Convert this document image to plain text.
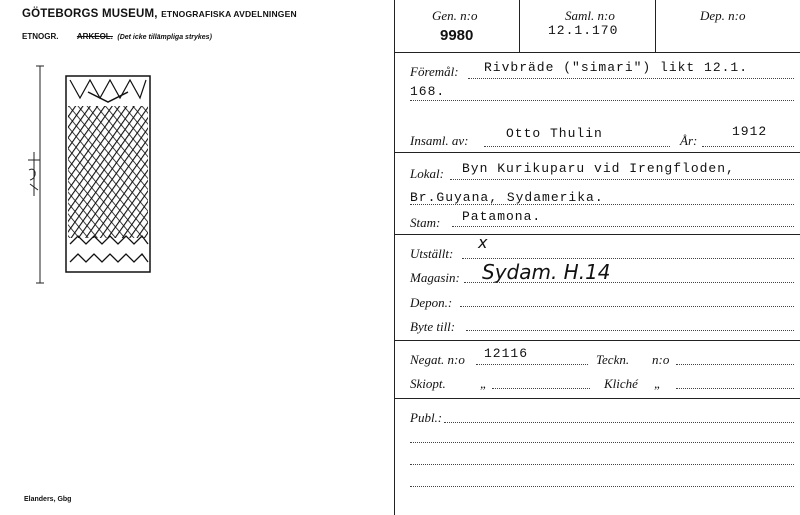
GÖTEBORGS MUSEUM, ETNOGRAFISKA AVDELNINGEN
ETNOGR. ARKEOL. (Det icke tillämpliga strykes)
Elanders, Gbg
Gen. n:o
9980
Saml. n:o
12.1.170
Dep. n:o
Föremål: Rivbräde ("simari") likt 12.1.
168.
Insaml. av:	Otto Thulin	År:
1912
Lokal: Byn Kurikuparu vid Irengfloden,
Br.Guyana, Sydamerika.
Stam: Patamona.
Utställt:
x
Magasin: Sydam. H.14
Depon.:
Byte till:
Negat. n:o 12116	Teckn. n:o
Skiopt.	„	Kliché „
Publ.:
